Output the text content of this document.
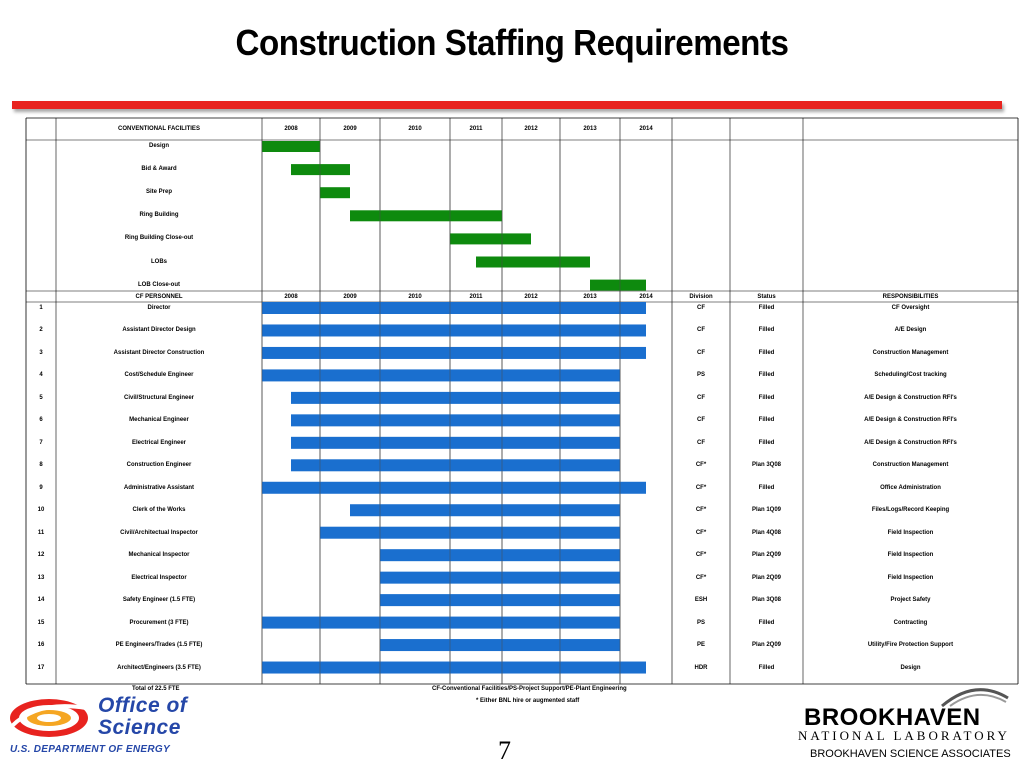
Construction Staffing Requirements
CONVENTIONAL FACILITIES	2008	2009	2010	2011	2012	2013	2014
Design
Bid & Award
Site Prep
Ring Building
Ring Building Close-out
LOBs
LOB Close-out
CF PERSONNEL	2008	2009	2010	2011	2012	2013	2014	Division	Status	RESPONSIBILITIES
1	Director	CF	Filled	CF Oversight
2	Assistant Director Design	CF	Filled	A/E Design
3	Assistant Director Construction	CF	Filled	Construction Management
4	Cost/Schedule Engineer	PS	Filled	Scheduling/Cost tracking
5	Civil/Structural Engineer	CF	Filled	A/E Design & Construction RFI's
6	Mechanical Engineer	CF	Filled	A/E Design & Construction RFI's
7	Electrical Engineer	CF	Filled	A/E Design & Construction RFI's
8	Construction Engineer	CF*	Plan 3Q08	Construction Management
9	Administrative Assistant	CF*	Filled	Office Administration
10	Clerk of the Works	CF*	Plan 1Q09	Files/Logs/Record Keeping
11	Civil/Architectual Inspector	CF*	Plan 4Q08	Field Inspection
12	Mechanical Inspector	CF*	Plan 2Q09	Field Inspection
13	Electrical Inspector	CF*	Plan 2Q09	Field Inspection
14	Safety Engineer (1.5 FTE)	ESH	Plan 3Q08	Project Safety
15	Procurement (3 FTE)	PS	Filled	Contracting
16	PE Engineers/Trades (1.5 FTE)	PE	Plan 2Q09	Utility/Fire Protection Support
17	Architect/Engineers (3.5 FTE)	HDR	Filled	Design
Total of 22.5 FTE	CF-Conventional Facilities/PS-Project Support/PE-Plant Engineering
* Either BNL hire or augmented staff
7
Office of
Science
U.S. DEPARTMENT OF ENERGY
BROOKHAVEN
NATIONAL LABORATORY
BROOKHAVEN SCIENCE ASSOCIATES
